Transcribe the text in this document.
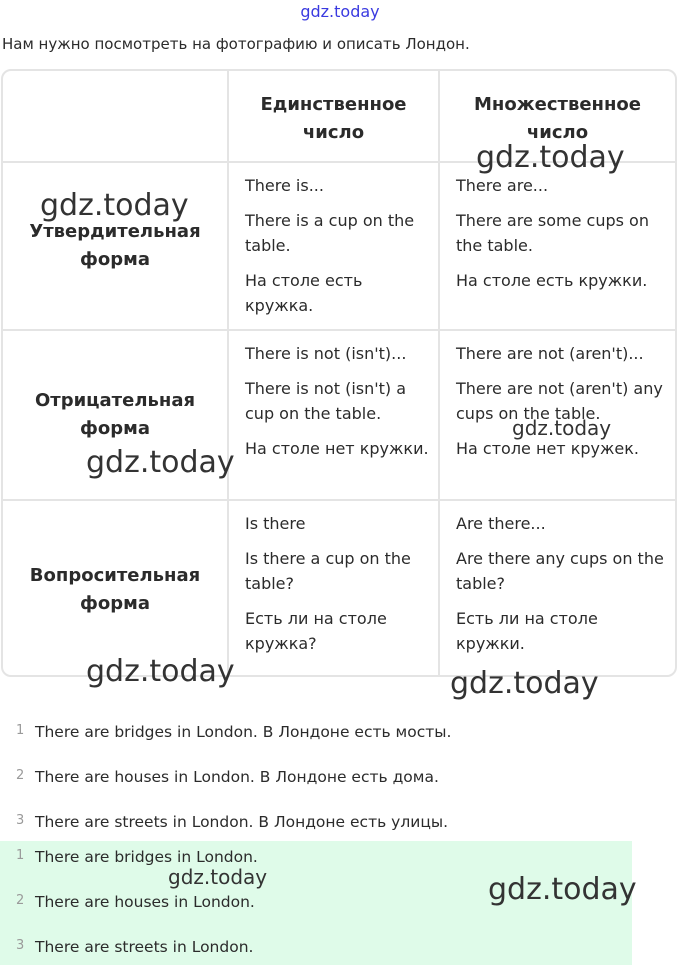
gdz.today
Нам нужно посмотреть на фотографию и описать Лондон.
Единственное
число
Множественное
число
Утвердительная
форма

There is...

There is a cup on the table.

На столе есть кружка.

There are...

There are some cups on the table.

На столе есть кружки.

Отрицательная
форма

There is not (isn't)...

There is not (isn't) a cup on the table.

На столе нет кружки.

There are not (aren't)...

There are not (aren't) any cups on the table.

На столе нет кружек.

Вопросительная
форма

Is there

Is there a cup on the table?

Есть ли на столе кружка?

Are there...

Are there any cups on the table?

Есть ли на столе кружки.

1 There are bridges in London. В Лондоне есть мосты.
2 There are houses in London. В Лондоне есть дома.
3 There are streets in London. В Лондоне есть улицы.
1 There are bridges in London.
2 There are houses in London.
3 There are streets in London.
gdz.today
gdz.today
gdz.today
gdz.today
gdz.today	gdz.today
gdz.today	gdz.today
